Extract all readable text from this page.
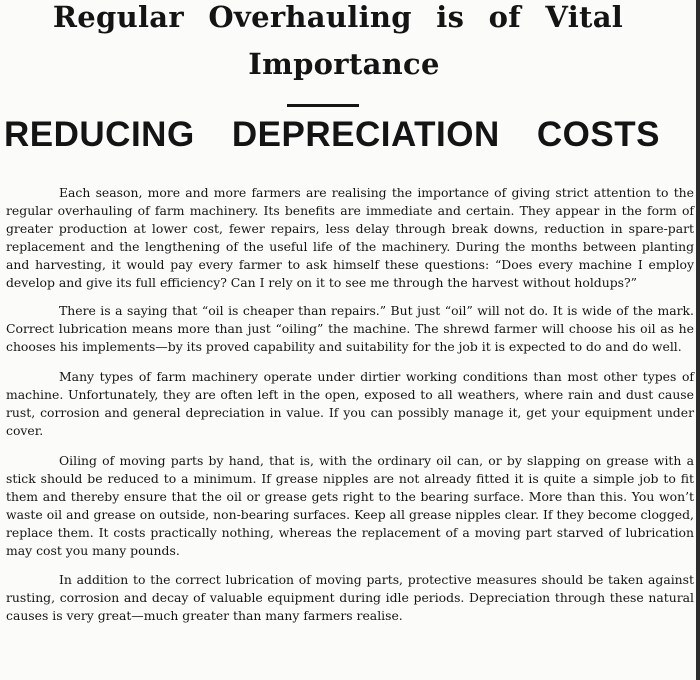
Regular Overhauling is of Vital
Importance
REDUCING DEPRECIATION COSTS

Each season, more and more farmers are realising the importance of giving strict attention to the regular overhauling of farm machinery. Its benefits are immediate and certain. They appear in the form of greater production at lower cost, fewer repairs, less delay through break downs, reduction in spare-part replacement and the lengthening of the useful life of the machinery. During the months between planting and harvesting, it would pay every farmer to ask himself these questions: “Does every machine I employ develop and give its full efficiency? Can I rely on it to see me through the harvest without holdups?”

There is a saying that “oil is cheaper than repairs.” But just “oil” will not do. It is wide of the mark. Correct lubrication means more than just “oiling” the machine. The shrewd farmer will choose his oil as he chooses his implements—by its proved capability and suitability for the job it is expected to do and do well.

Many types of farm machinery operate under dirtier working conditions than most other types of machine. Unfortunately, they are often left in the open, exposed to all weathers, where rain and dust cause rust, corrosion and general depreciation in value. If you can possibly manage it, get your equipment under cover.

Oiling of moving parts by hand, that is, with the ordinary oil can, or by slapping on grease with a stick should be reduced to a minimum. If grease nipples are not already fitted it is quite a simple job to fit them and thereby ensure that the oil or grease gets right to the bearing surface. More than this. You won’t waste oil and grease on outside, non-bearing surfaces. Keep all grease nipples clear. If they become clogged, replace them. It costs practically nothing, whereas the replacement of a moving part starved of lubrication may cost you many pounds.

In addition to the correct lubrication of moving parts, protective measures should be taken against rusting, corrosion and decay of valuable equipment during idle periods. Depreciation through these natural causes is very great—much greater than many farmers realise.
